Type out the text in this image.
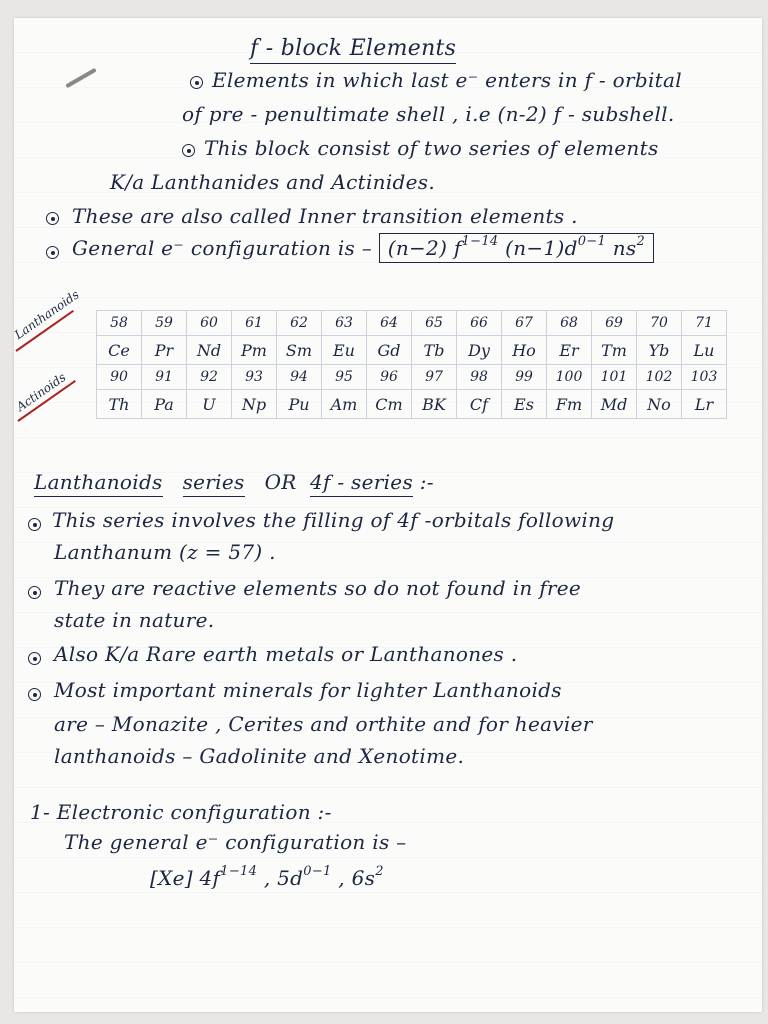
f - block Elements
Elements in which last e⁻ enters in f - orbital
of pre - penultimate shell , i.e (n-2) f - subshell.
This block consist of two series of elements
K/a Lanthanides and Actinides.
These are also called Inner transition elements .
General e⁻ configuration is – (n−2) $f^{1-14}$ $(n-1)d^{0-1}$ $ns^2$
Lanthanoids
Actinoids
58	59	60	61	62	63	64	65	66	67	68	69	70	71
Ce	Pr	Nd	Pm	Sm	Eu	Gd	Tb	Dy	Ho	Er	Tm	Yb	Lu
90	91	92	93	94	95	96	97	98	99	100	101	102	103
Th	Pa	U	Np	Pu	Am	Cm	BK	Cf	Es	Fm	Md	No	Lr
Lanthanoids series OR 4f - series :-
This series involves the filling of 4f -orbitals following
Lanthanum (z = 57) .
They are reactive elements so do not found in free
state in nature.
Also K/a Rare earth metals or Lanthanones .
Most important minerals for lighter Lanthanoids
are – Monazite , Cerites and orthite and for heavier
lanthanoids – Gadolinite and Xenotime.
1- Electronic configuration :-
The general e⁻ configuration is –
[Xe] $4f^{1-14}$ , $5d^{0-1}$ , $6s^2$
